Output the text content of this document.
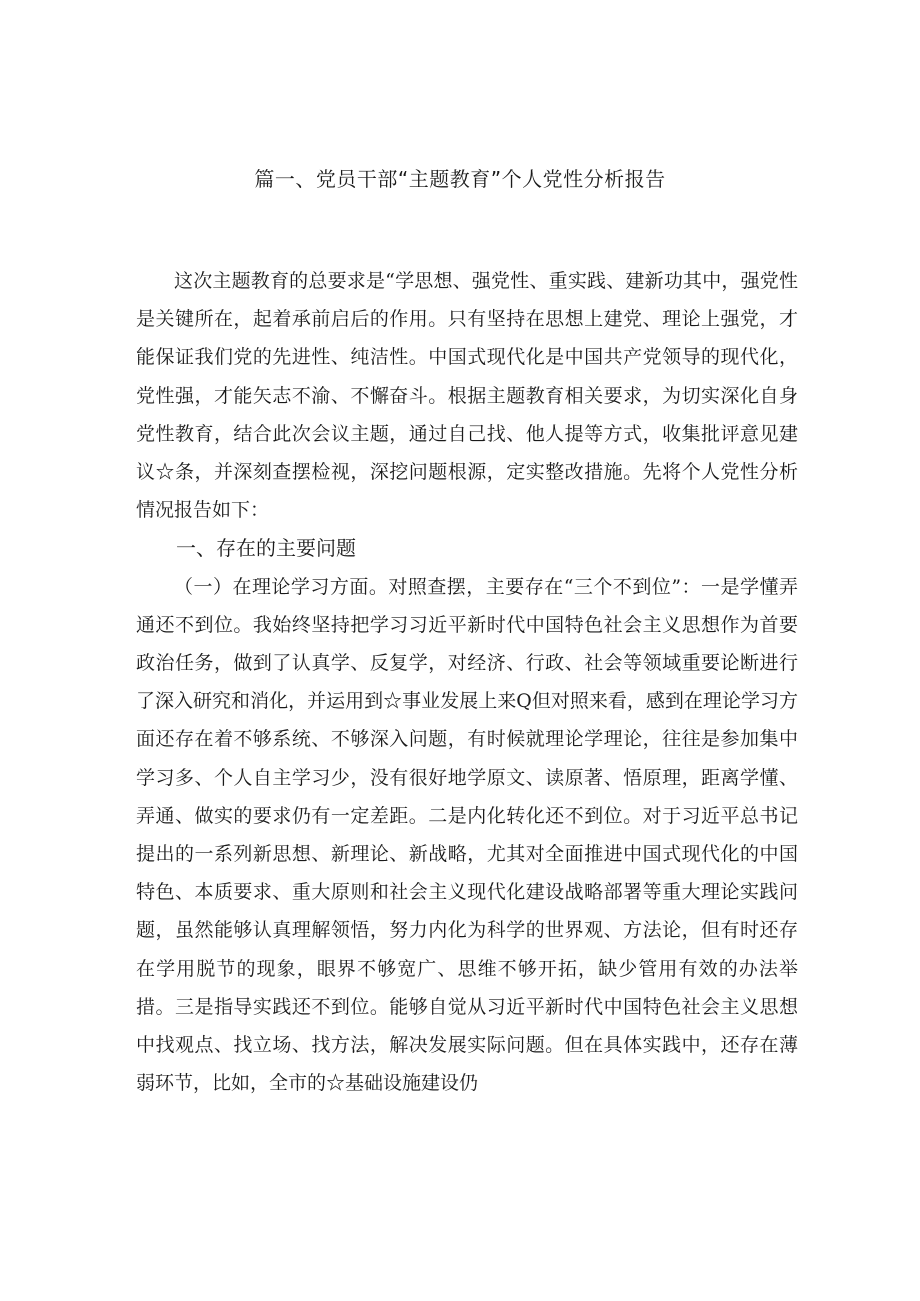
篇一、党员干部“主题教育”个人党性分析报告

这次主题教育的总要求是“学思想、强党性、重实践、建新功其中，强党性是关键所在，起着承前启后的作用。只有坚持在思想上建党、理论上强党，才能保证我们党的先进性、纯洁性。中国式现代化是中国共产党领导的现代化，党性强，才能矢志不渝、不懈奋斗。根据主题教育相关要求，为切实深化自身党性教育，结合此次会议主题，通过自己找、他人提等方式，收集批评意见建议☆条，并深刻查摆检视，深挖问题根源，定实整改措施。先将个人党性分析情况报告如下：

一、存在的主要问题

（一）在理论学习方面。对照查摆，主要存在“三个不到位”：一是学懂弄通还不到位。我始终坚持把学习习近平新时代中国特色社会主义思想作为首要政治任务，做到了认真学、反复学，对经济、行政、社会等领域重要论断进行了深入研究和消化，并运用到☆事业发展上来Q但对照来看，感到在理论学习方面还存在着不够系统、不够深入问题，有时候就理论学理论，往往是参加集中学习多、个人自主学习少，没有很好地学原文、读原著、悟原理，距离学懂、弄通、做实的要求仍有一定差距。二是内化转化还不到位。对于习近平总书记提出的一系列新思想、新理论、新战略，尤其对全面推进中国式现代化的中国特色、本质要求、重大原则和社会主义现代化建设战略部署等重大理论实践问题，虽然能够认真理解领悟，努力内化为科学的世界观、方法论，但有时还存在学用脱节的现象，眼界不够宽广、思维不够开拓，缺少管用有效的办法举措。三是指导实践还不到位。能够自觉从习近平新时代中国特色社会主义思想中找观点、找立场、找方法，解决发展实际问题。但在具体实践中，还存在薄弱环节，比如，全市的☆基础设施建设仍
